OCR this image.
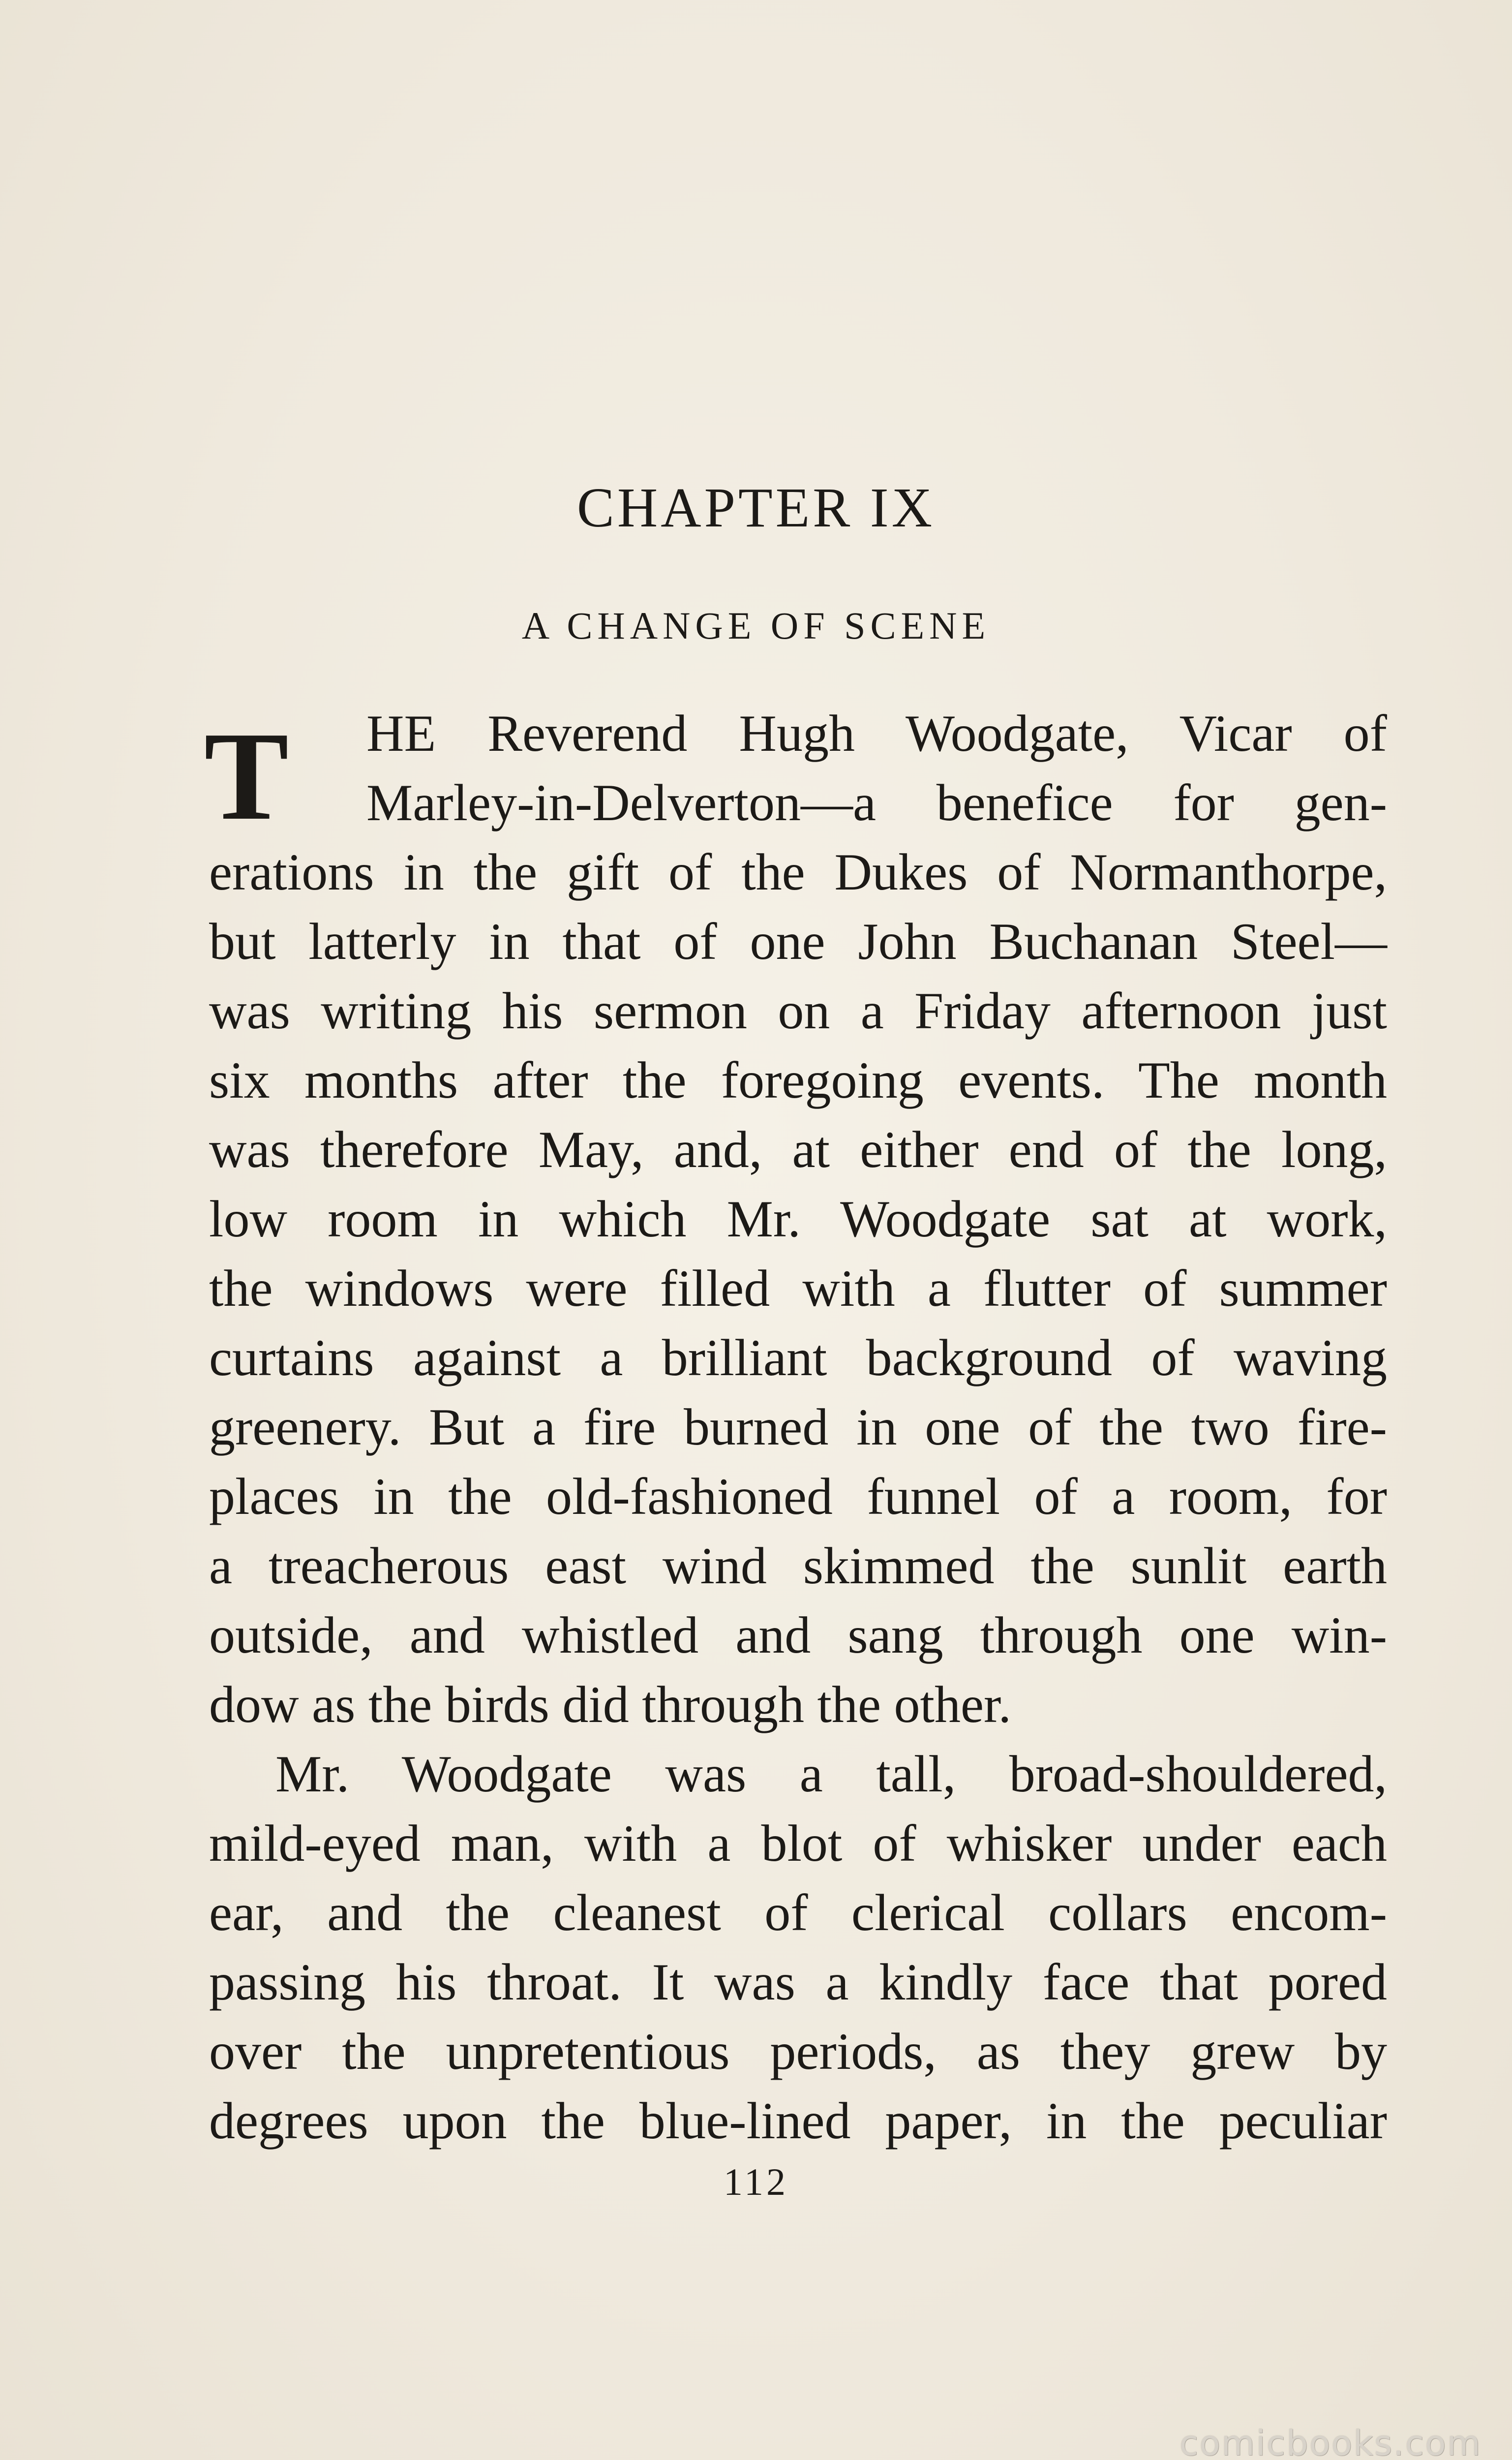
CHAPTER IX
A CHANGE OF SCENE
T	HE Reverend Hugh Woodgate, Vicar of
Marley-in-Delverton—a benefice for gen-
erations in the gift of the Dukes of Normanthorpe,
but latterly in that of one John Buchanan Steel—
was writing his sermon on a Friday afternoon just
six months after the foregoing events. The month
was therefore May, and, at either end of the long,
low room in which Mr. Woodgate sat at work,
the windows were filled with a flutter of summer
curtains against a brilliant background of waving
greenery. But a fire burned in one of the two fire-
places in the old-fashioned funnel of a room, for
a treacherous east wind skimmed the sunlit earth
outside, and whistled and sang through one win-
dow as the birds did through the other.
Mr. Woodgate was a tall, broad-shouldered,
mild-eyed man, with a blot of whisker under each
ear, and the cleanest of clerical collars encom-
passing his throat. It was a kindly face that pored
over the unpretentious periods, as they grew by
degrees upon the blue-lined paper, in the peculiar
112
comicbooks.com
